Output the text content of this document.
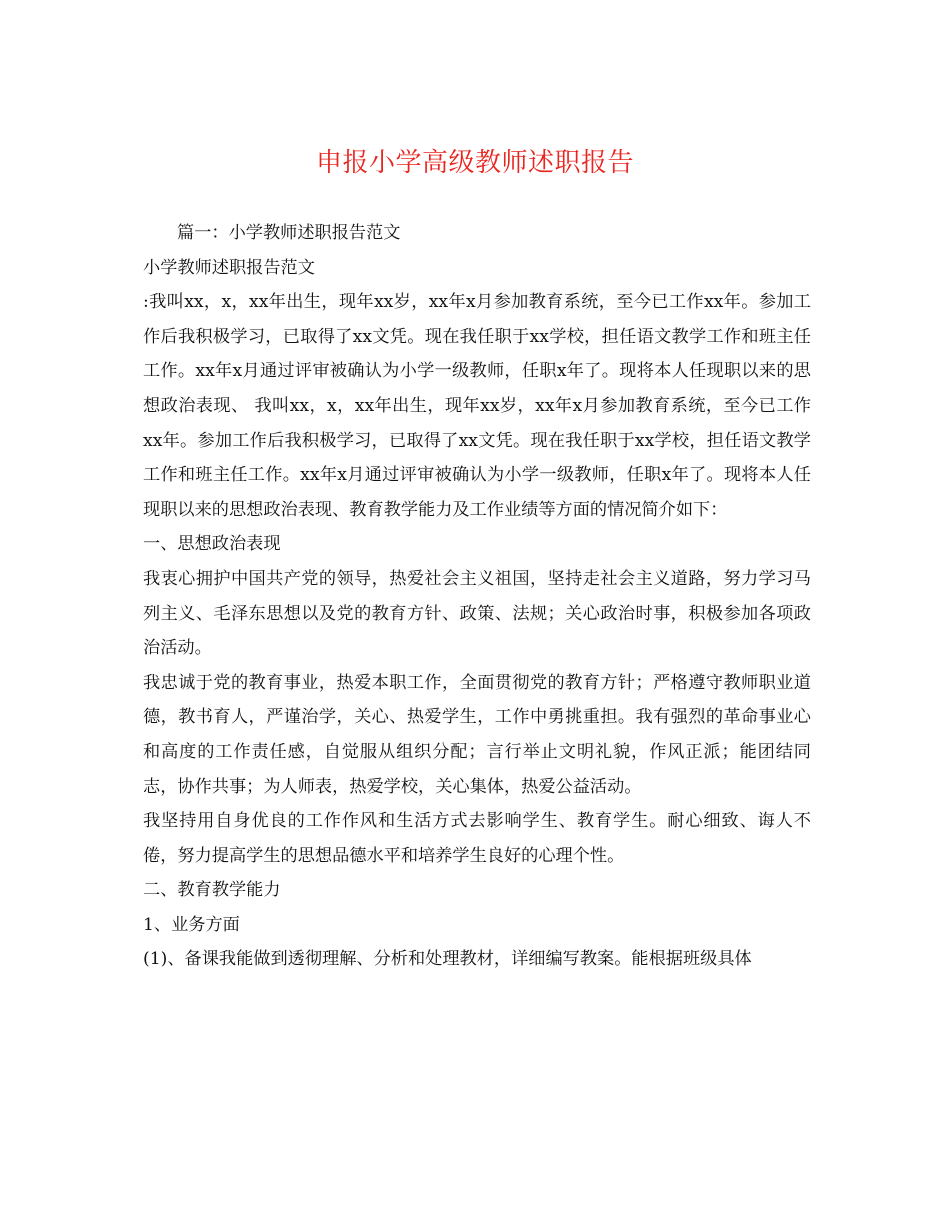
申报小学高级教师述职报告

篇一：小学教师述职报告范文

小学教师述职报告范文

:我叫xx，x，xx年出生，现年xx岁，xx年x月参加教育系统，至今已工作xx年。参加工作后我积极学习，已取得了xx文凭。现在我任职于xx学校，担任语文教学工作和班主任工作。xx年x月通过评审被确认为小学一级教师，任职x年了。现将本人任现职以来的思想政治表现、 我叫xx，x，xx年出生，现年xx岁，xx年x月参加教育系统，至今已工作xx年。参加工作后我积极学习，已取得了xx文凭。现在我任职于xx学校，担任语文教学工作和班主任工作。xx年x月通过评审被确认为小学一级教师，任职x年了。现将本人任现职以来的思想政治表现、教育教学能力及工作业绩等方面的情况简介如下：

一、思想政治表现

我衷心拥护中国共产党的领导，热爱社会主义祖国，坚持走社会主义道路，努力学习马列主义、毛泽东思想以及党的教育方针、政策、法规；关心政治时事，积极参加各项政治活动。

我忠诚于党的教育事业，热爱本职工作，全面贯彻党的教育方针；严格遵守教师职业道德，教书育人，严谨治学，关心、热爱学生，工作中勇挑重担。我有强烈的革命事业心和高度的工作责任感，自觉服从组织分配；言行举止文明礼貌，作风正派；能团结同志，协作共事；为人师表，热爱学校，关心集体，热爱公益活动。

我坚持用自身优良的工作作风和生活方式去影响学生、教育学生。耐心细致、诲人不倦，努力提高学生的思想品德水平和培养学生良好的心理个性。

二、教育教学能力

1、业务方面

(1)、备课我能做到透彻理解、分析和处理教材，详细编写教案。能根据班级具体
